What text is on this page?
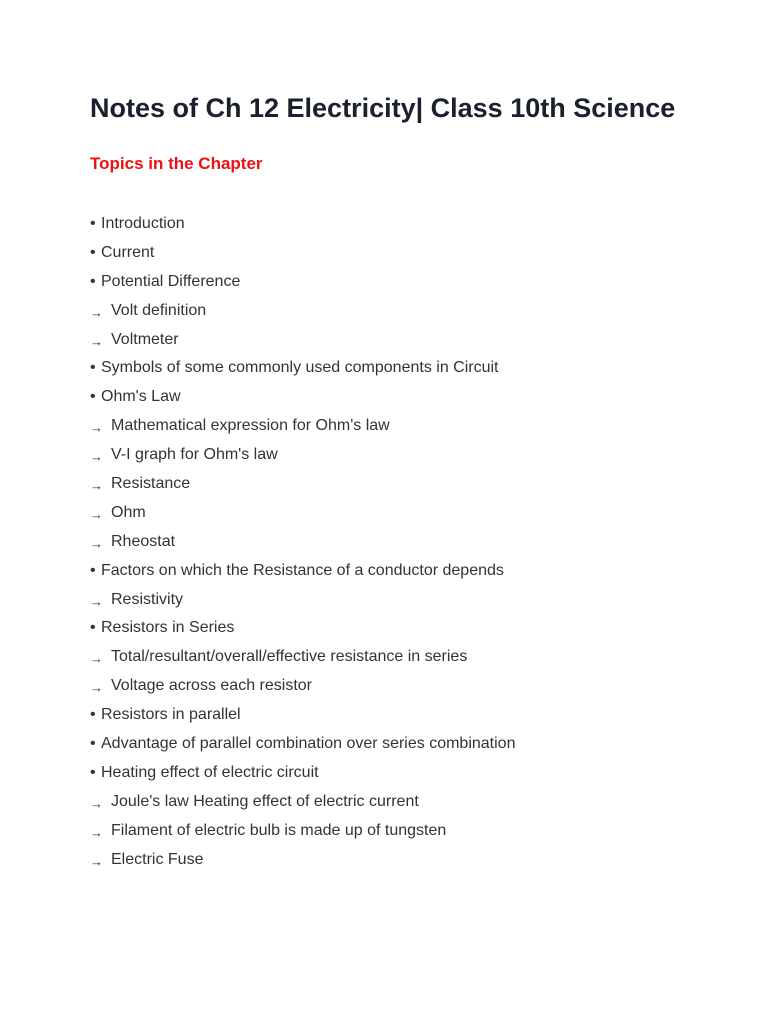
Notes of Ch 12 Electricity| Class 10th Science
Topics in the Chapter
• Introduction
• Current
• Potential Difference
→ Volt definition
→ Voltmeter
• Symbols of some commonly used components in Circuit
• Ohm's Law
→ Mathematical expression for Ohm's law
→ V-I graph for Ohm's law
→ Resistance
→ Ohm
→ Rheostat
• Factors on which the Resistance of a conductor depends
→ Resistivity
• Resistors in Series
→ Total/resultant/overall/effective resistance in series
→ Voltage across each resistor
• Resistors in parallel
• Advantage of parallel combination over series combination
• Heating effect of electric circuit
→ Joule's law Heating effect of electric current
→ Filament of electric bulb is made up of tungsten
→ Electric Fuse
